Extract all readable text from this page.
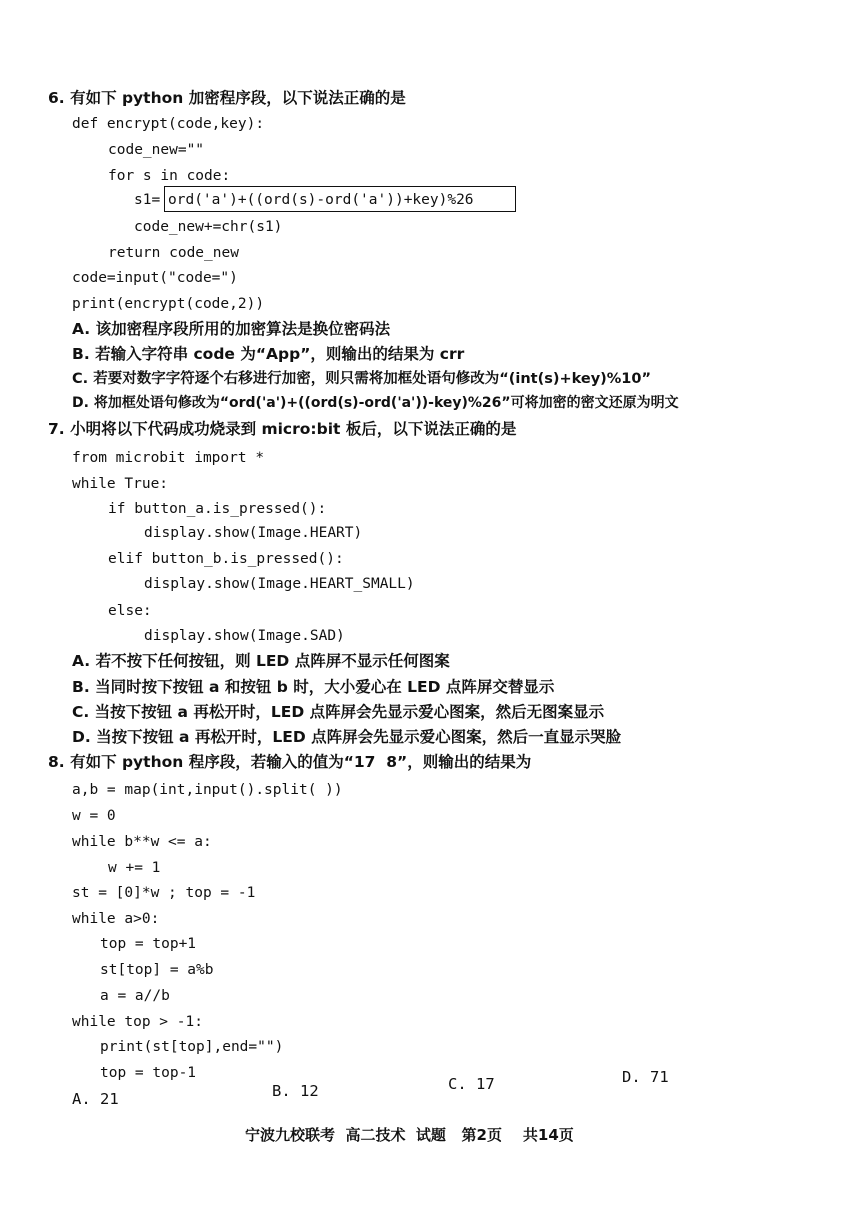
6. 有如下 python 加密程序段，以下说法正确的是
def encrypt(code,key):
code_new=""
for s in code:
s1= ord('a')+((ord(s)-ord('a'))+key)%26
code_new+=chr(s1)
return code_new
code=input("code=")
print(encrypt(code,2))
A. 该加密程序段所用的加密算法是换位密码法
B. 若输入字符串 code 为“App”，则输出的结果为 crr
C. 若要对数字字符逐个右移进行加密，则只需将加框处语句修改为“(int(s)+key)%10”
D. 将加框处语句修改为“ord('a')+((ord(s)-ord('a'))-key)%26”可将加密的密文还原为明文
7. 小明将以下代码成功烧录到 micro:bit 板后，以下说法正确的是
from microbit import *
while True:
if button_a.is_pressed():
display.show(Image.HEART)
elif button_b.is_pressed():
display.show(Image.HEART_SMALL)
else:
display.show(Image.SAD)
A. 若不按下任何按钮，则 LED 点阵屏不显示任何图案
B. 当同时按下按钮 a 和按钮 b 时，大小爱心在 LED 点阵屏交替显示
C. 当按下按钮 a 再松开时，LED 点阵屏会先显示爱心图案，然后无图案显示
D. 当按下按钮 a 再松开时，LED 点阵屏会先显示爱心图案，然后一直显示哭脸
8. 有如下 python 程序段，若输入的值为“17  8”，则输出的结果为
a,b = map(int,input().split( ))
w = 0
while b**w <= a:
w += 1
st = [0]*w ; top = -1
while a>0:
top = top+1
st[top] = a%b
a = a//b
while top > -1:
print(st[top],end="")
top = top-1
A. 21	B. 12	C. 17	D. 71
宁波九校联考  高二技术  试题   第2页    共14页
